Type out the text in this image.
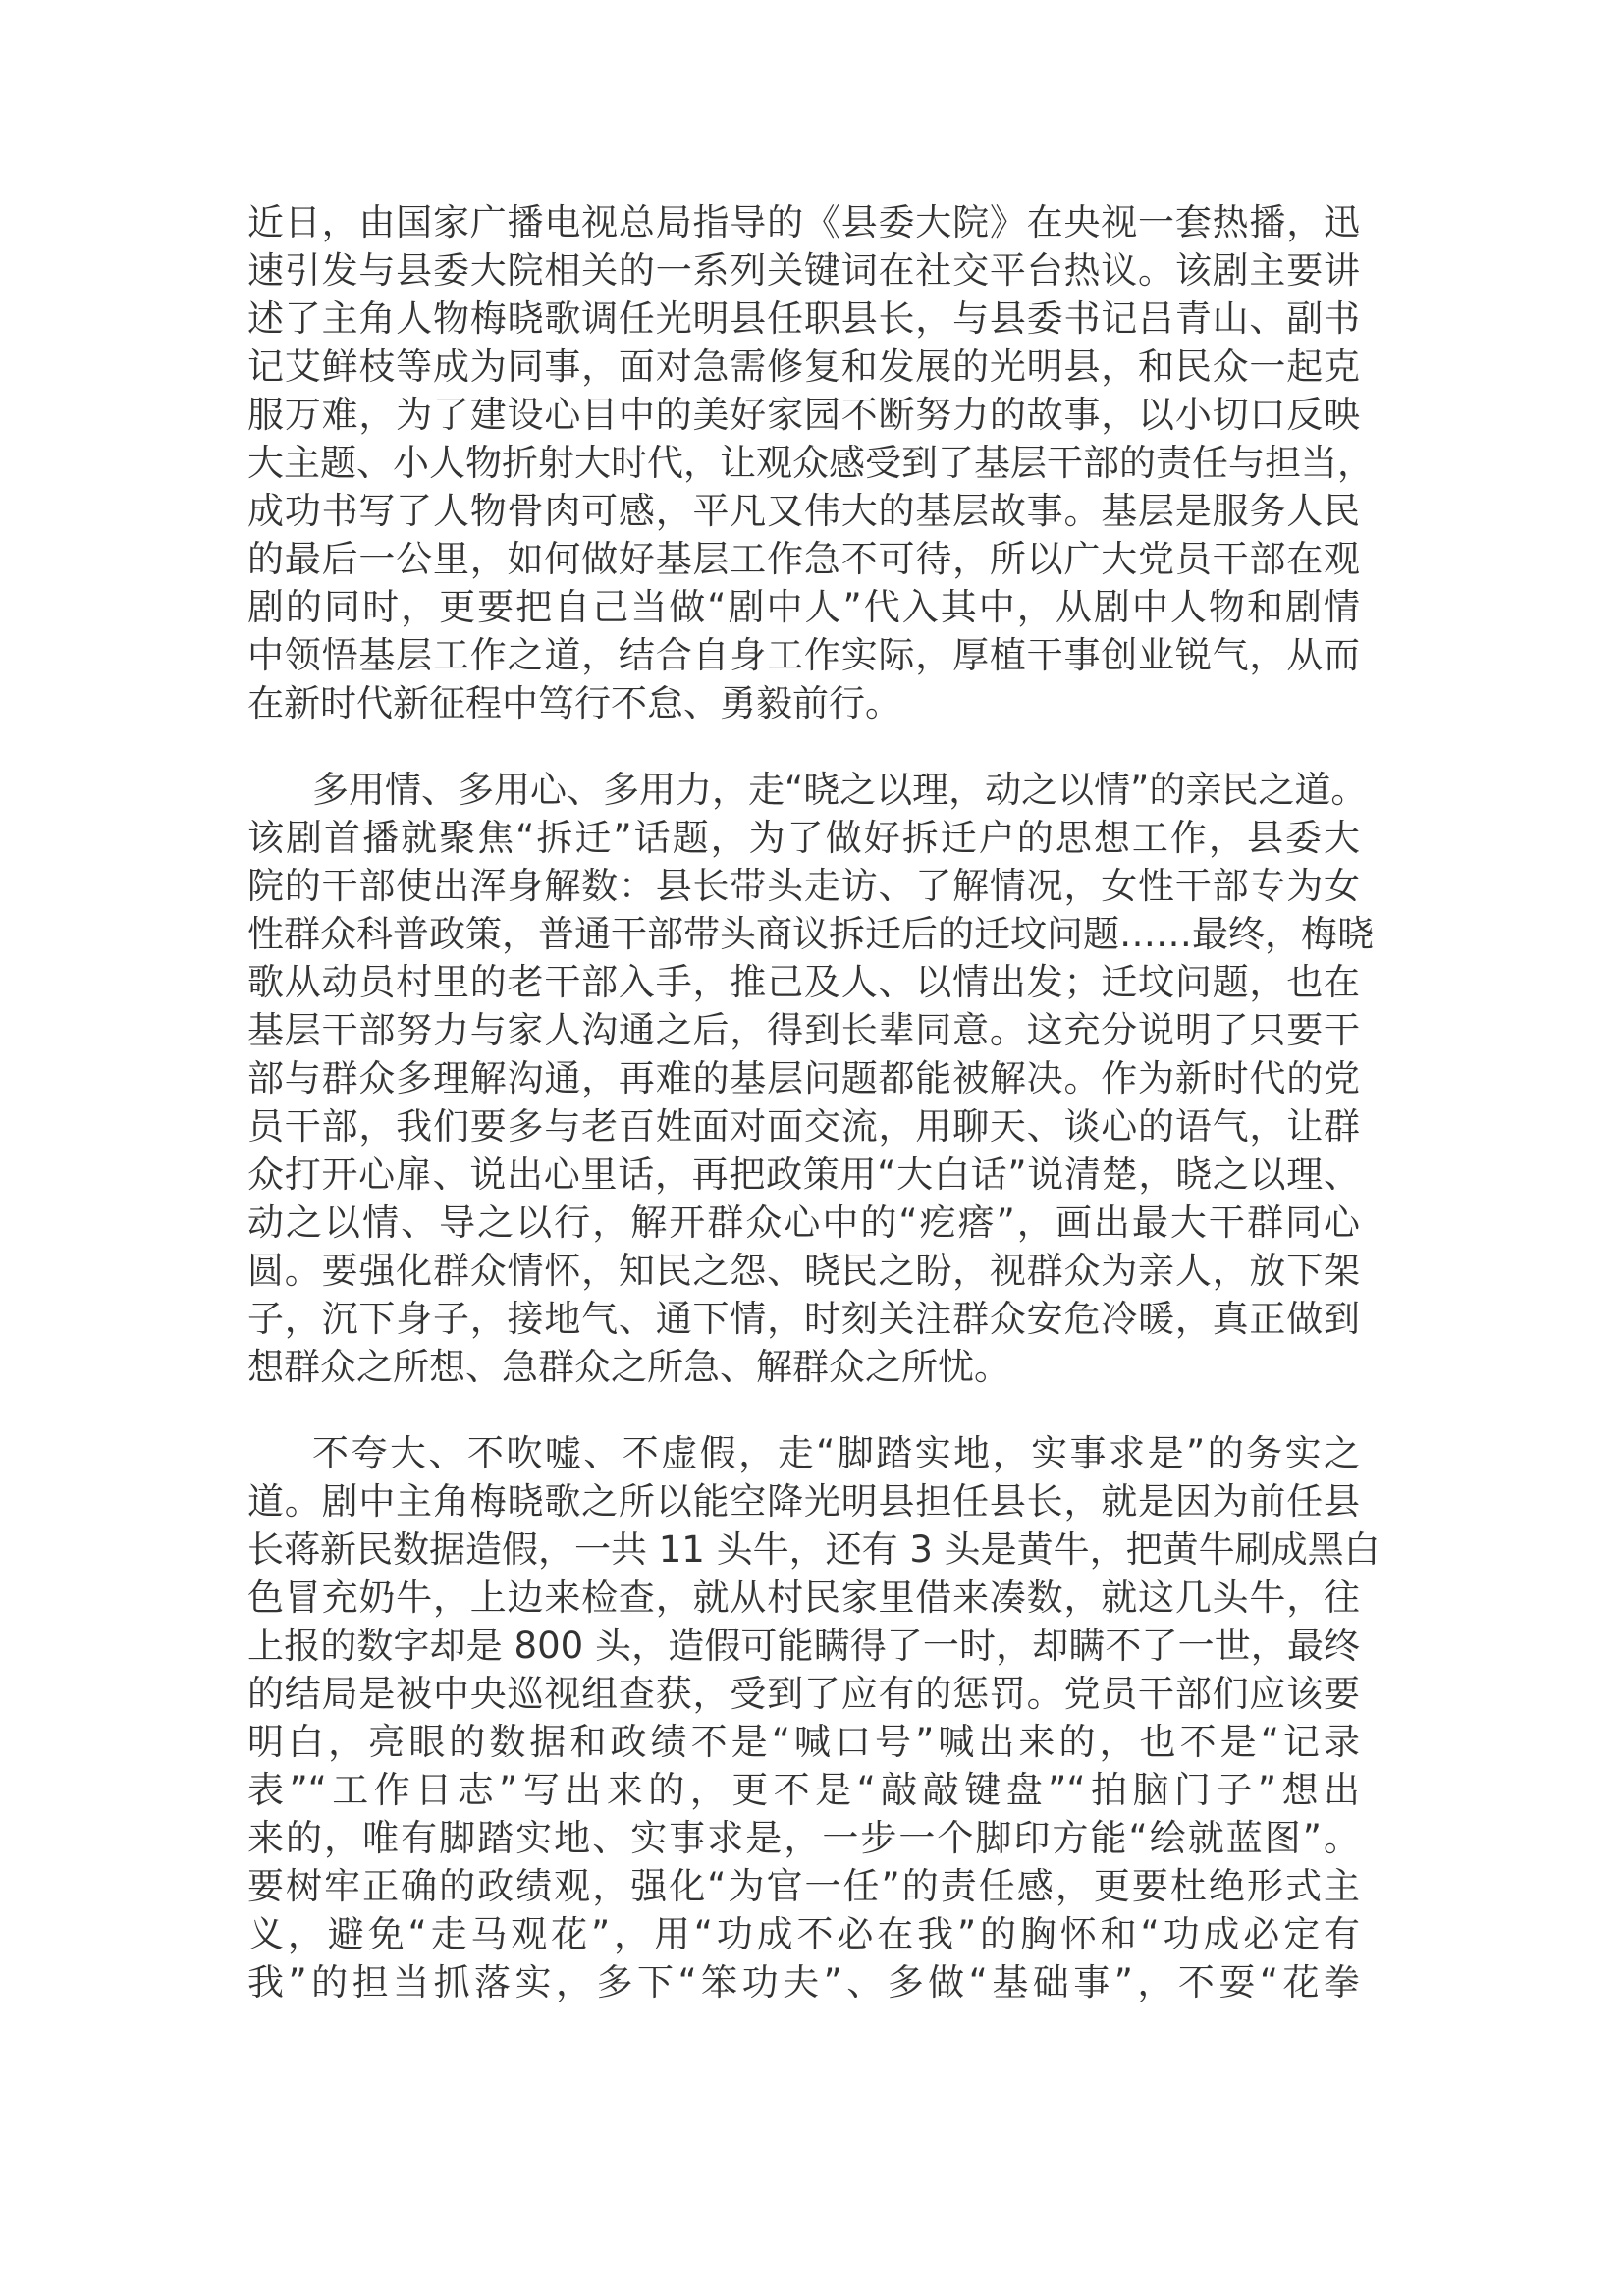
近日，由国家广播电视总局指导的《县委大院》在央视一套热播，迅
速引发与县委大院相关的一系列关键词在社交平台热议。该剧主要讲
述了主角人物梅晓歌调任光明县任职县长，与县委书记吕青山、副书
记艾鲜枝等成为同事，面对急需修复和发展的光明县，和民众一起克
服万难，为了建设心目中的美好家园不断努力的故事，以小切口反映
大主题、小人物折射大时代，让观众感受到了基层干部的责任与担当，
成功书写了人物骨肉可感，平凡又伟大的基层故事。基层是服务人民
的最后一公里，如何做好基层工作急不可待，所以广大党员干部在观
剧的同时，更要把自己当做“剧中人”代入其中，从剧中人物和剧情
中领悟基层工作之道，结合自身工作实际，厚植干事创业锐气，从而
在新时代新征程中笃行不怠、勇毅前行。
多用情、多用心、多用力，走“晓之以理，动之以情”的亲民之道。
该剧首播就聚焦“拆迁”话题，为了做好拆迁户的思想工作，县委大
院的干部使出浑身解数：县长带头走访、了解情况，女性干部专为女
性群众科普政策，普通干部带头商议拆迁后的迁坟问题……最终，梅晓
歌从动员村里的老干部入手，推己及人、以情出发；迁坟问题，也在
基层干部努力与家人沟通之后，得到长辈同意。这充分说明了只要干
部与群众多理解沟通，再难的基层问题都能被解决。作为新时代的党
员干部，我们要多与老百姓面对面交流，用聊天、谈心的语气，让群
众打开心扉、说出心里话，再把政策用“大白话”说清楚，晓之以理、
动之以情、导之以行，解开群众心中的“疙瘩”，画出最大干群同心
圆。要强化群众情怀，知民之怨、晓民之盼，视群众为亲人，放下架
子，沉下身子，接地气、通下情，时刻关注群众安危冷暖，真正做到
想群众之所想、急群众之所急、解群众之所忧。
不夸大、不吹嘘、不虚假，走“脚踏实地，实事求是”的务实之
道。剧中主角梅晓歌之所以能空降光明县担任县长，就是因为前任县
长蒋新民数据造假，一共 11 头牛，还有 3 头是黄牛，把黄牛刷成黑白
色冒充奶牛，上边来检查，就从村民家里借来凑数，就这几头牛，往
上报的数字却是 800 头，造假可能瞒得了一时，却瞒不了一世，最终
的结局是被中央巡视组查获，受到了应有的惩罚。党员干部们应该要
明白，亮眼的数据和政绩不是“喊口号”喊出来的，也不是“记录
表”“工作日志”写出来的，更不是“敲敲键盘”“拍脑门子”想出
来的，唯有脚踏实地、实事求是，一步一个脚印方能“绘就蓝图”。
要树牢正确的政绩观，强化“为官一任”的责任感，更要杜绝形式主
义，避免“走马观花”，用“功成不必在我”的胸怀和“功成必定有
我”的担当抓落实，多下“笨功夫”、多做“基础事”，不耍“花拳
